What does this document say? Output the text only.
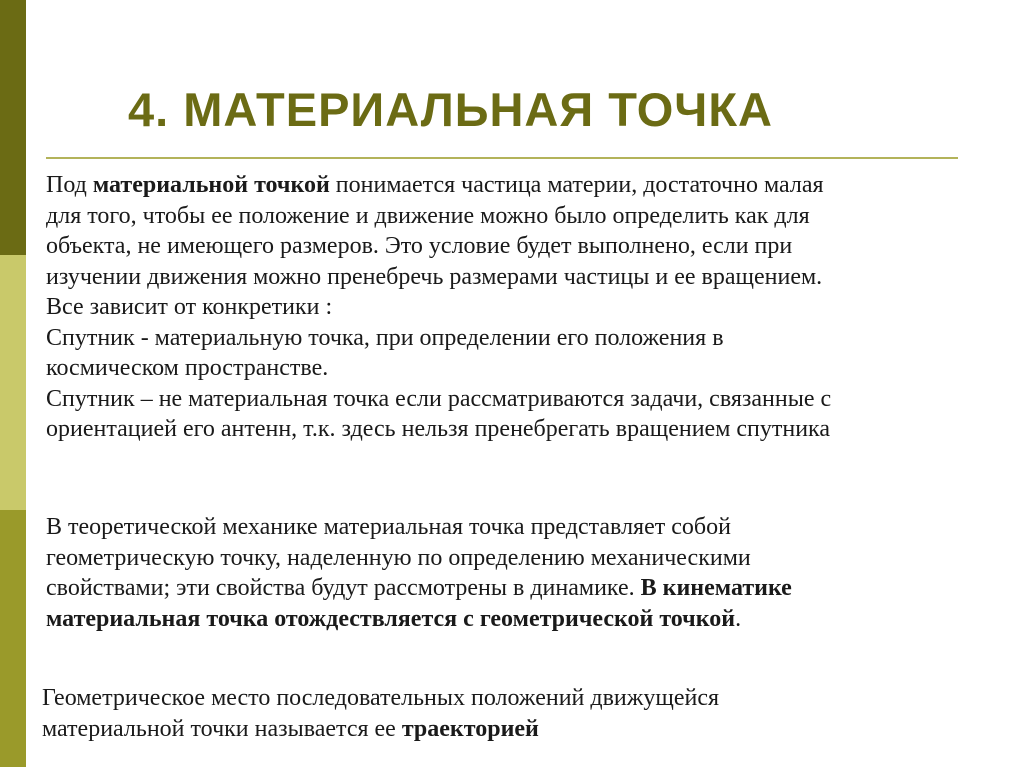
4. МАТЕРИАЛЬНАЯ ТОЧКА
Под материальной точкой понимается частица материи, достаточно малая
для того, чтобы ее положение и движение можно было определить как для
объекта, не имеющего размеров. Это условие будет выполнено, если при
изучении движения можно пренебречь размерами частицы и ее вращением.
Все зависит от конкретики :
Спутник - материальную точка, при определении его положения в
космическом пространстве.
Спутник – не материальная точка если рассматриваются задачи, связанные с
ориентацией его антенн, т.к. здесь нельзя пренебрегать вращением спутника
В теоретической механике материальная точка представляет собой
геометрическую точку, наделенную по определению механическими
свойствами; эти свойства будут рассмотрены в динамике. В кинематике
материальная точка отождествляется с геометрической точкой.
Геометрическое место последовательных положений движущейся
материальной точки называется ее траекторией
